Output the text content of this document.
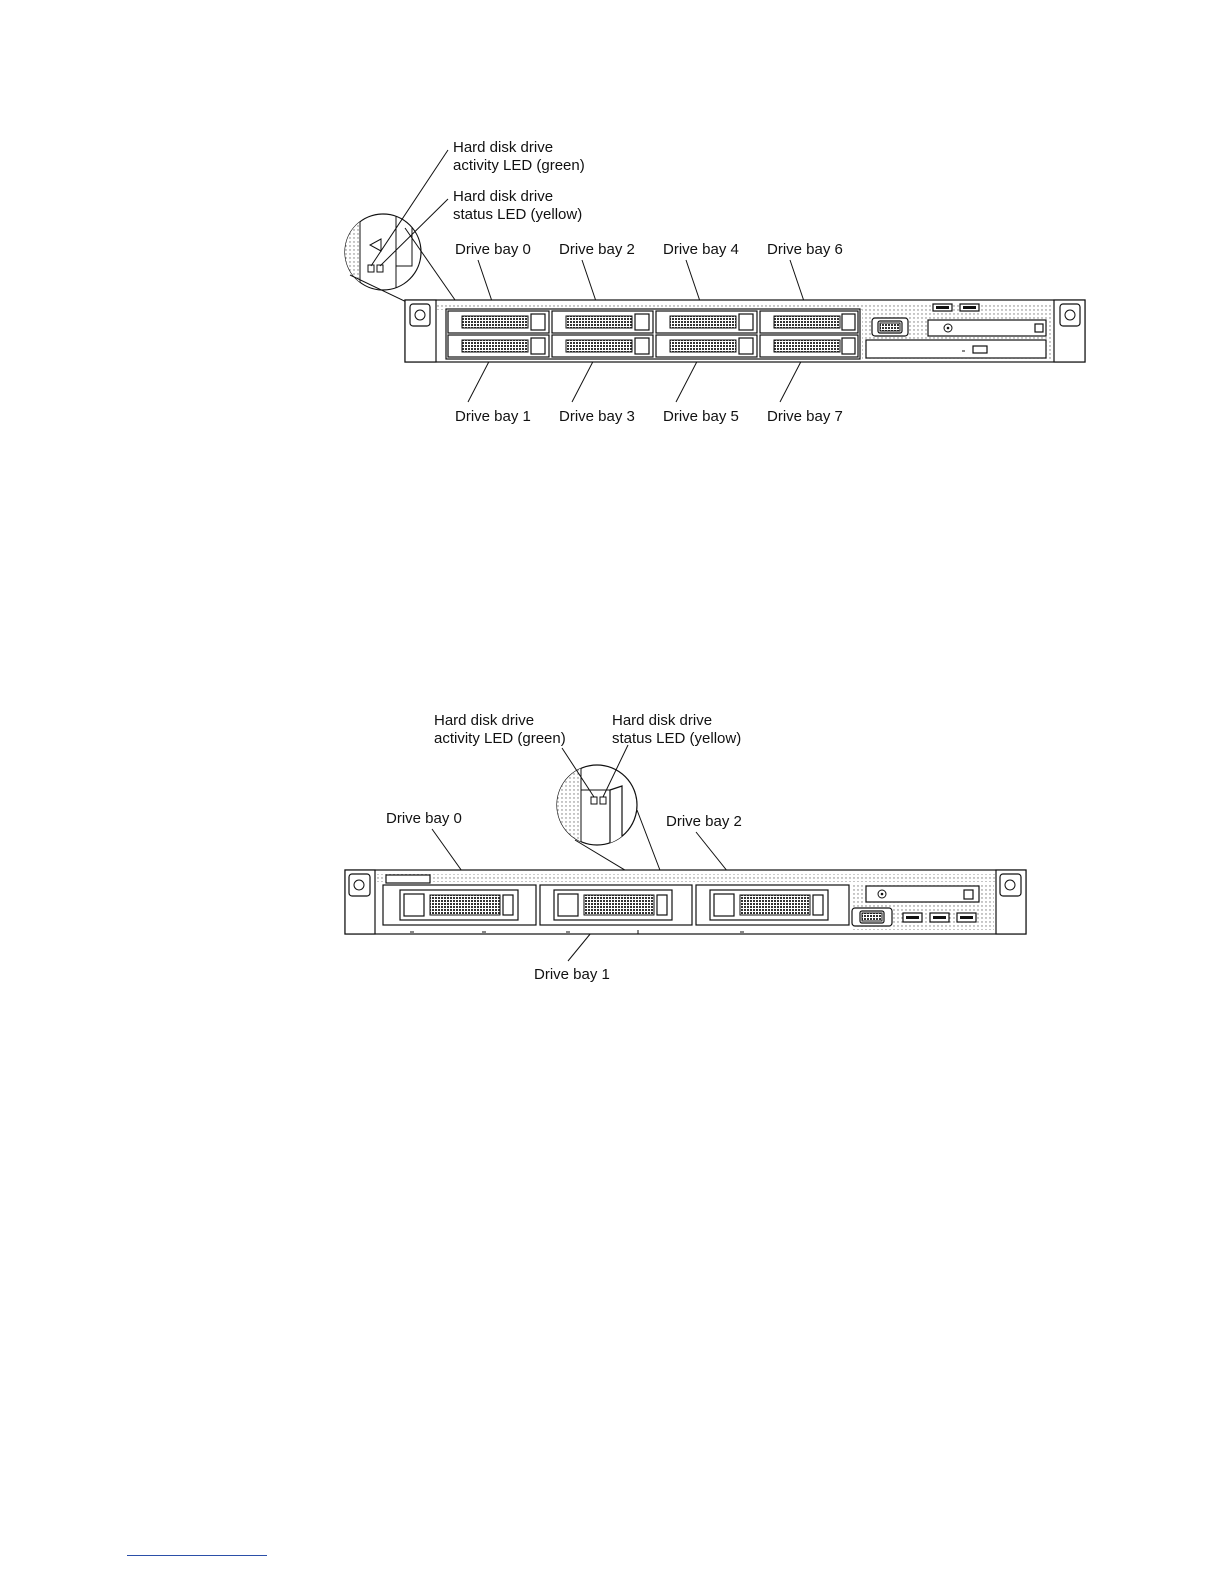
Hard disk drive
activity LED (green)
Hard disk drive
status LED (yellow)
Drive bay 0 Drive bay 2 Drive bay 4 Drive bay 6
Drive bay 1 Drive bay 3 Drive bay 5 Drive bay 7
Hard disk drive
activity LED (green)
Hard disk drive
status LED (yellow)
Drive bay 0	Drive bay 2
Drive bay 1
